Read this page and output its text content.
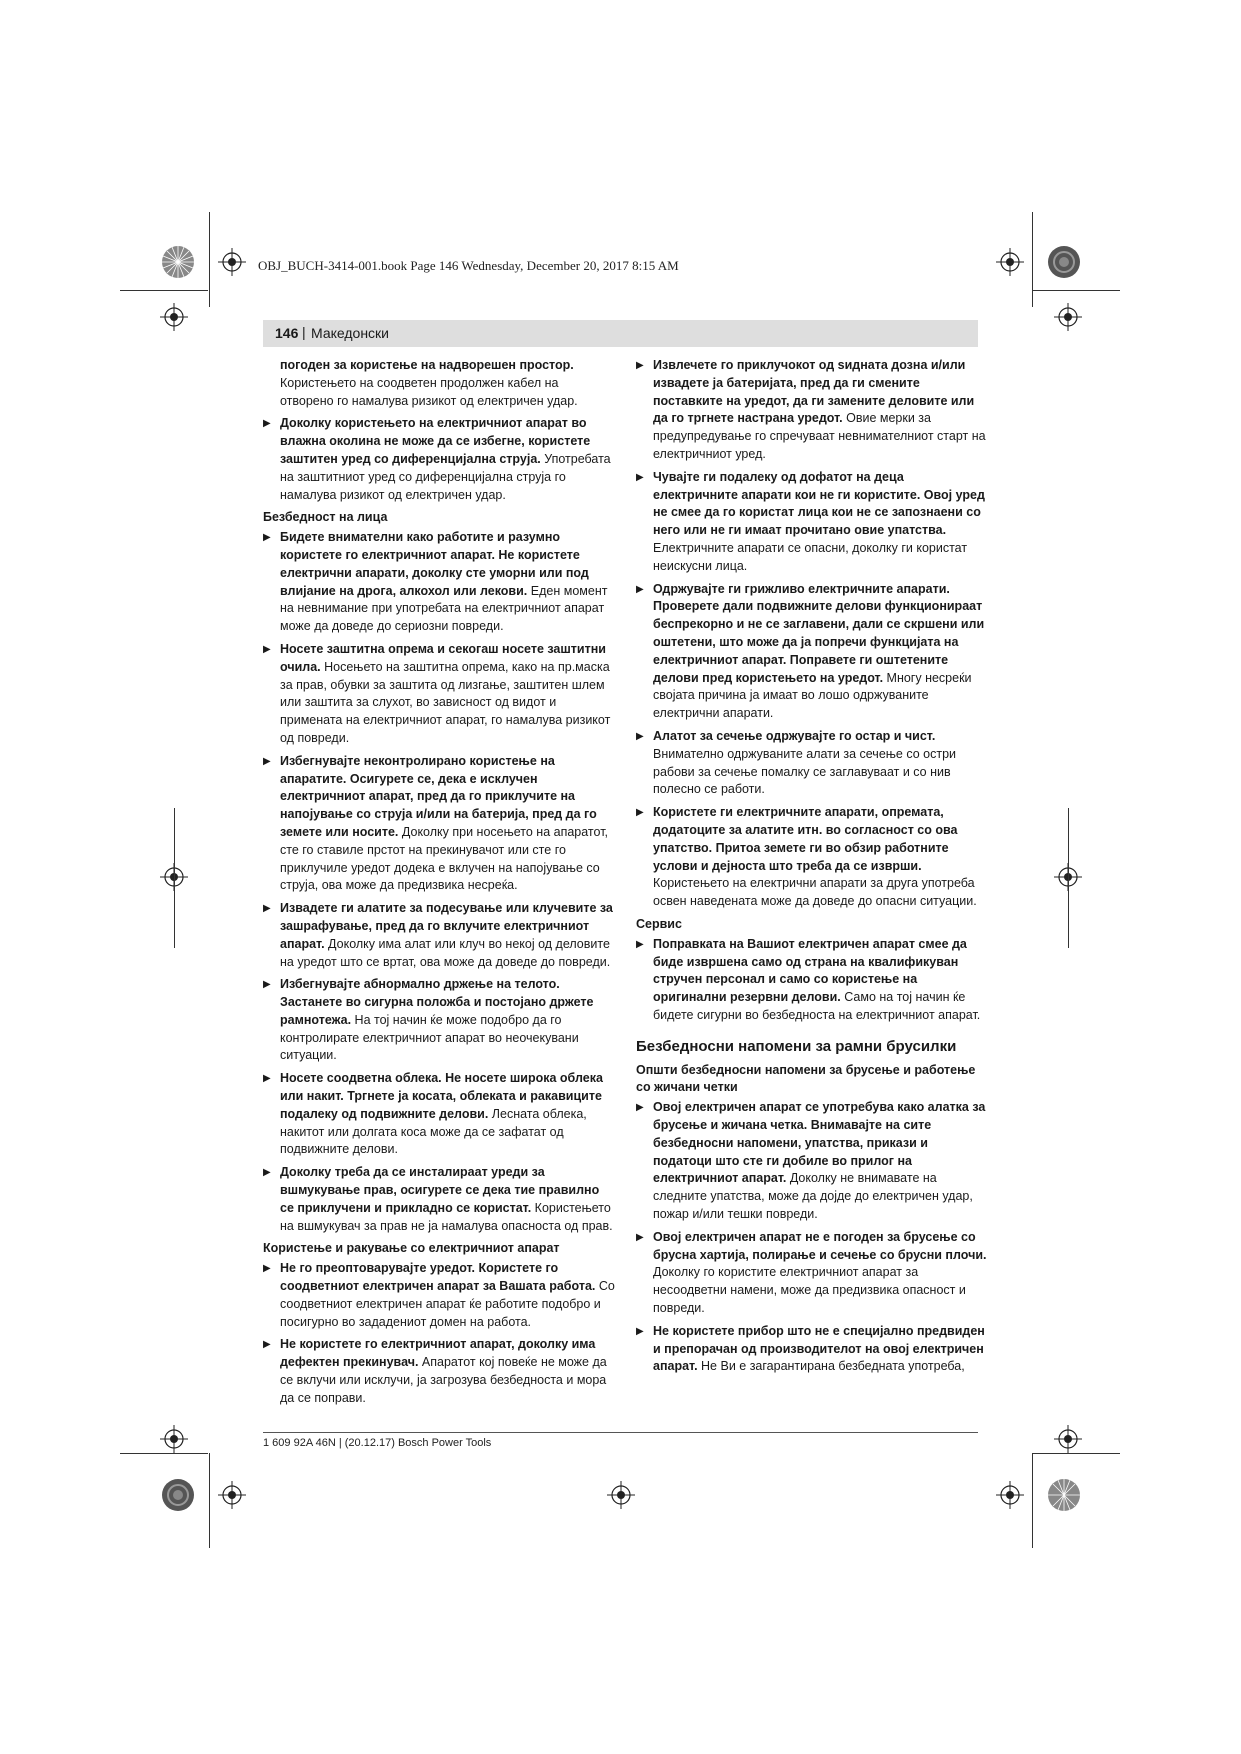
OBJ_BUCH-3414-001.book Page 146 Wednesday, December 20, 2017 8:15 AM
146 | Македонски
погоден за користење на надворешен простор. Користењето на соодветен продолжен кабел на отворено го намалува ризикот од електричен удар.
▶ Доколку користењето на електричниот апарат во влажна околина не може да се избегне, користете заштитен уред со диференцијална струја. Употребата на заштитниот уред со диференцијална струја го намалува ризикот од електричен удар.
Безбедност на лица
▶ Бидете внимателни како работите и разумно користете го електричниот апарат. Не користете електрични апарати, доколку сте уморни или под влијание на дрога, алкохол или лекови. Еден момент на невнимание при употребата на електричниот апарат може да доведе до сериозни повреди.
▶ Носете заштитна опрема и секогаш носете заштитни очила. Носењето на заштитна опрема, како на пр.маска за прав, обувки за заштита од лизгање, заштитен шлем или заштита за слухот, во зависност од видот и примената на електричниот апарат, го намалува ризикот од повреди.
▶ Избегнувајте неконтролирано користење на апаратите. Осигурете се, дека е исклучен електричниот апарат, пред да го приклучите на напојување со струја и/или на батерија, пред да го земете или носите. Доколку при носењето на апаратот, сте го ставиле прстот на прекинувачот или сте го приклучиле уредот додека е вклучен на напојување со струја, ова може да предизвика несреќа.
▶ Извадете ги алатите за подесување или клучевите за зашрафување, пред да го вклучите електричниот апарат. Доколку има алат или клуч во некој од деловите на уредот што се вртат, ова може да доведе до повреди.
▶ Избегнувајте абнормално држење на телото. Застанете во сигурна положба и постојано држете рамнотежа. На тој начин ќе може подобро да го контролирате електричниот апарат во неочекувани ситуации.
▶ Носете соодветна облека. Не носете широка облека или накит. Тргнете ја косата, облеката и ракавиците подалеку од подвижните делови. Лесната облека, накитот или долгата коса може да се зафатат од подвижните делови.
▶ Доколку треба да се инсталираат уреди за вшмукување прав, осигурете се дека тие правилно се приклучени и прикладно се користат. Користењето на вшмукувач за прав не ја намалува опасноста од прав.
Користење и ракување со електричниот апарат
▶ Не го преоптоварувајте уредот. Користете го соодветниот електричен апарат за Вашата работа. Со соодветниот електричен апарат ќе работите подобро и посигурно во зададениот домен на работа.
▶ Не користете го електричниот апарат, доколку има дефектен прекинувач. Апаратот кој повеќе не може да се вклучи или исклучи, ја загрозува безбедноста и мора да се поправи.
▶ Извлечете го приклучокот од ѕидната дозна и/или извадете ја батеријата, пред да ги смените поставките на уредот, да ги замените деловите или да го тргнете настрана уредот. Овие мерки за предупредување го спречуваат невнимателниот старт на електричниот уред.
▶ Чувајте ги подалеку од дофатот на деца електричните апарати кои не ги користите. Овој уред не смее да го користат лица кои не се запознаени со него или не ги имаат прочитано овие упатства. Електричните апарати се опасни, доколку ги користат неискусни лица.
▶ Одржувајте ги грижливо електричните апарати. Проверете дали подвижните делови функционираат беспрекорно и не се заглавени, дали се скршени или оштетени, што може да ја попречи функцијата на електричниот апарат. Поправете ги оштетените делови пред користењето на уредот. Многу несреќи својата причина ја имаат во лошо одржуваните електрични апарати.
▶ Алатот за сечење одржувајте го остар и чист. Внимателно одржуваните алати за сечење со остри рабови за сечење помалку се заглавуваат и со нив полесно се работи.
▶ Користете ги електричните апарати, опремата, додатоците за алатите итн. во согласност со ова упатство. Притоа земете ги во обзир работните услови и дејноста што треба да се изврши. Користењето на електрични апарати за друга употреба освен наведената може да доведе до опасни ситуации.
Сервис
▶ Поправката на Вашиот електричен апарат смее да биде извршена само од страна на квалификуван стручен персонал и само со користење на оригинални резервни делови. Само на тој начин ќе бидете сигурни во безбедноста на електричниот апарат.
Безбедносни напомени за рамни брусилки
Општи безбедносни напомени за брусење и работење со жичани четки
▶ Овој електричен апарат се употребува како алатка за брусење и жичана четка. Внимавајте на сите безбедносни напомени, упатства, прикази и податоци што сте ги добиле во прилог на електричниот апарат. Доколку не внимавате на следните упатства, може да дојде до електричен удар, пожар и/или тешки повреди.
▶ Овој електричен апарат не е погоден за брусење со брусна хартија, полирање и сечење со брусни плочи. Доколку го користите електричниот апарат за несоодветни намени, може да предизвика опасност и повреди.
▶ Не користете прибор што не е специјално предвиден и препорачан од производителот на овој електричен апарат. Не Ви е загарантирана безбедната употреба,
1 609 92A 46N | (20.12.17) Bosch Power Tools
